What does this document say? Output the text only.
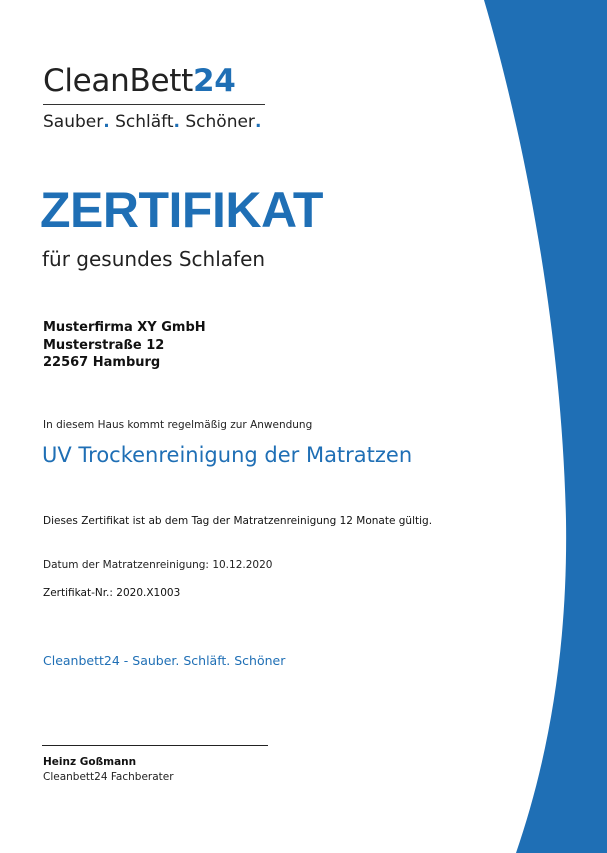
CleanBett24
Sauber. Schläft. Schöner.
ZERTIFIKAT
für gesundes Schlafen
Musterfirma XY GmbH
Musterstraße 12
22567 Hamburg
In diesem Haus kommt regelmäßig zur Anwendung
UV Trockenreinigung der Matratzen
Dieses Zertifikat ist ab dem Tag der Matratzenreinigung 12 Monate gültig.
Datum der Matratzenreinigung: 10.12.2020
Zertifikat-Nr.: 2020.X1003
Cleanbett24 - Sauber. Schläft. Schöner
Heinz Goßmann
Cleanbett24 Fachberater
